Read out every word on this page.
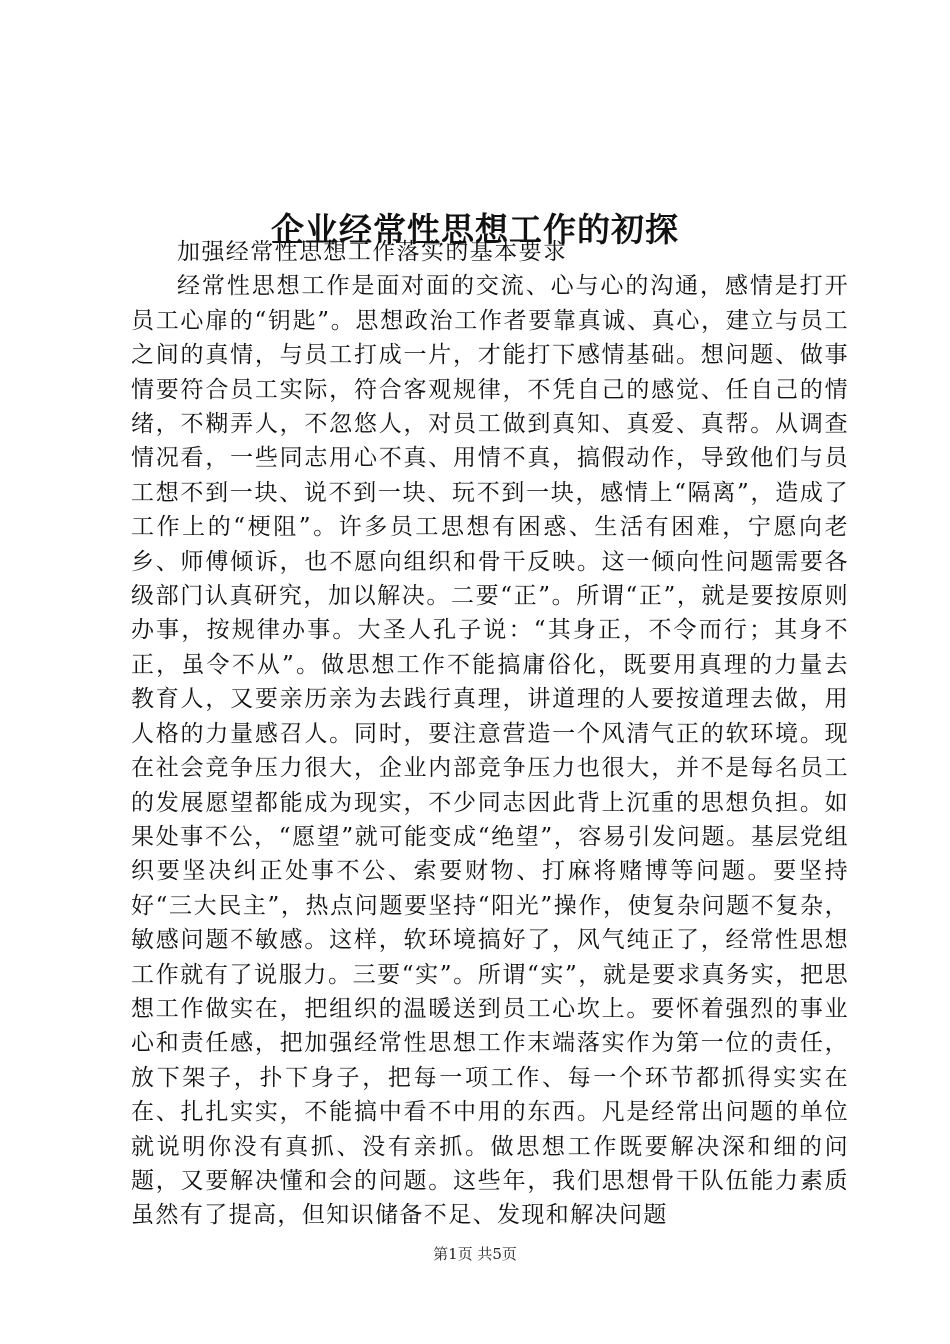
企业经常性思想工作的初探

加强经常性思想工作落实的基本要求

经常性思想工作是面对面的交流、心与心的沟通，感情是打开员工心扉的“钥匙”。思想政治工作者要靠真诚、真心，建立与员工之间的真情，与员工打成一片，才能打下感情基础。想问题、做事情要符合员工实际，符合客观规律，不凭自己的感觉、任自己的情绪，不糊弄人，不忽悠人，对员工做到真知、真爱、真帮。从调查情况看，一些同志用心不真、用情不真，搞假动作，导致他们与员工想不到一块、说不到一块、玩不到一块，感情上“隔离”，造成了工作上的“梗阻”。许多员工思想有困惑、生活有困难，宁愿向老乡、师傅倾诉，也不愿向组织和骨干反映。这一倾向性问题需要各级部门认真研究，加以解决。二要“正”。所谓“正”，就是要按原则办事，按规律办事。大圣人孔子说：“其身正，不令而行；其身不正，虽令不从”。做思想工作不能搞庸俗化，既要用真理的力量去教育人，又要亲历亲为去践行真理，讲道理的人要按道理去做，用人格的力量感召人。同时，要注意营造一个风清气正的软环境。现在社会竞争压力很大，企业内部竞争压力也很大，并不是每名员工的发展愿望都能成为现实，不少同志因此背上沉重的思想负担。如果处事不公，“愿望”就可能变成“绝望”，容易引发问题。基层党组织要坚决纠正处事不公、索要财物、打麻将赌博等问题。要坚持好“三大民主”，热点问题要坚持“阳光”操作，使复杂问题不复杂，敏感问题不敏感。这样，软环境搞好了，风气纯正了，经常性思想工作就有了说服力。三要“实”。所谓“实”，就是要求真务实，把思想工作做实在，把组织的温暖送到员工心坎上。要怀着强烈的事业心和责任感，把加强经常性思想工作末端落实作为第一位的责任，放下架子，扑下身子，把每一项工作、每一个环节都抓得实实在在、扎扎实实，不能搞中看不中用的东西。凡是经常出问题的单位就说明你没有真抓、没有亲抓。做思想工作既要解决深和细的问题，又要解决懂和会的问题。这些年，我们思想骨干队伍能力素质虽然有了提高，但知识储备不足、发现和解决问题

第1页 共5页
